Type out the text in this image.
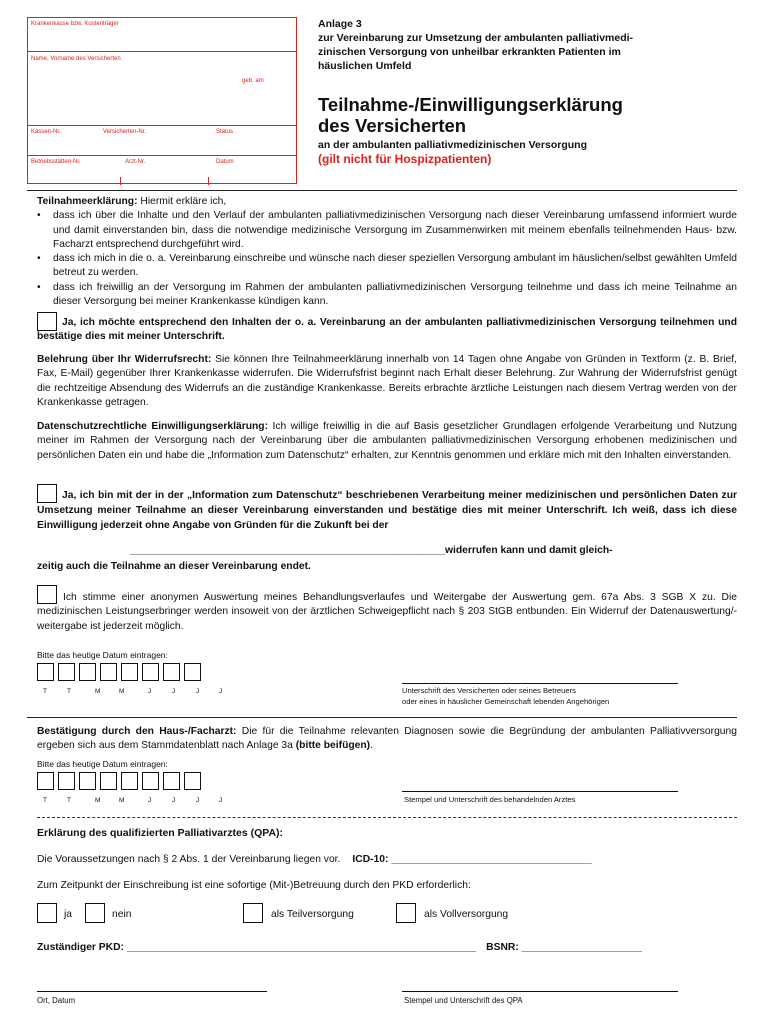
Krankenkasse bzw. Kostenträger
Name, Vorname des Versicherten
geb. am
Kassen-Nr.	Versicherten-Nr.	Status
Betriebsstätten-Nr.	Arzt-Nr.	Datum
Anlage 3
zur Vereinbarung zur Umsetzung der ambulanten palliativmedi-
zinischen Versorgung von unheilbar erkrankten Patienten im
häuslichen Umfeld
Teilnahme-/Einwilligungserklärung
des Versicherten
an der ambulanten palliativmedizinischen Versorgung
(gilt nicht für Hospizpatienten)
Teilnahmeerklärung: Hiermit erkläre ich,
• dass ich über die Inhalte und den Verlauf der ambulanten palliativmedizinischen Versorgung nach dieser Vereinbarung umfassend informiert wurde und damit einverstanden bin, dass die notwendige medizinische Versorgung im Zusammenwirken mit meinem ebenfalls teilnehmenden Haus- bzw. Facharzt entsprechend durchgeführt wird.
• dass ich mich in die o. a. Vereinbarung einschreibe und wünsche nach dieser speziellen Versorgung ambulant im häuslichen/selbst gewählten Umfeld betreut zu werden.
• dass ich freiwillig an der Versorgung im Rahmen der ambulanten palliativmedizinischen Versorgung teilnehme und dass ich meine Teilnahme an dieser Versorgung bei meiner Krankenkasse kündigen kann.
Ja, ich möchte entsprechend den Inhalten der o. a. Vereinbarung an der ambulanten palliativmedizinischen Versorgung teilnehmen und bestätige dies mit meiner Unterschrift.
Belehrung über Ihr Widerrufsrecht: Sie können Ihre Teilnahmeerklärung innerhalb von 14 Tagen ohne Angabe von Gründen in Textform (z. B. Brief, Fax, E-Mail) gegenüber Ihrer Krankenkasse widerrufen. Die Widerrufsfrist beginnt nach Erhalt dieser Belehrung. Zur Wahrung der Widerrufsfrist genügt die rechtzeitige Absendung des Widerrufs an die zuständige Krankenkasse. Bereits erbrachte ärztliche Leistungen nach diesem Vertrag werden von der Krankenkasse getragen.
Datenschutzrechtliche Einwilligungserklärung: Ich willige freiwillig in die auf Basis gesetzlicher Grundlagen erfolgende Verarbeitung und Nutzung meiner im Rahmen der Versorgung nach der Vereinbarung über die ambulanten palliativmedizinischen Versorgung erhobenen medizinischen und persönlichen Daten ein und habe die „Information zum Datenschutz“ erhalten, zur Kenntnis genommen und erkläre mich mit den Inhalten einverstanden.
Ja, ich bin mit der in der „Information zum Datenschutz“ beschriebenen Verarbeitung meiner medizinischen und persönlichen Daten zur Umsetzung meiner Teilnahme an dieser Vereinbarung einverstanden und bestätige dies mit meiner Unterschrift. Ich weiß, dass ich diese Einwilligung jederzeit ohne Angabe von Gründen für die Zukunft bei der
_______________________________________________________widerrufen kann und damit gleich-
zeitig auch die Teilnahme an dieser Vereinbarung endet.
Ich stimme einer anonymen Auswertung meines Behandlungsverlaufes und Weitergabe der Auswertung gem. 67a Abs. 3 SGB X zu. Die medizinischen Leistungserbringer werden insoweit von der ärztlichen Schweigepflicht nach § 203 StGB entbunden. Ein Widerruf der Datenauswertung/-weitergabe ist jederzeit möglich.
Bitte das heutige Datum eintragen:
T	T	M	M	J	J	J	J	Unterschrift des Versicherten oder seines Betreuers
oder eines in häuslicher Gemeinschaft lebenden Angehörigen
Bestätigung durch den Haus-/Facharzt: Die für die Teilnahme relevanten Diagnosen sowie die Begründung der ambulanten Palliativversorgung ergeben sich aus dem Stammdatenblatt nach Anlage 3a (bitte beifügen).
Bitte das heutige Datum eintragen:
T	T	M	M	J	J	J	J	Stempel und Unterschrift des behandelnden Arztes
Erklärung des qualifizierten Palliativarztes (QPA):
Die Voraussetzungen nach § 2 Abs. 1 der Vereinbarung liegen vor. ICD-10: ___________________________________
Zum Zeitpunkt der Einschreibung ist eine sofortige (Mit-)Betreuung durch den PKD erforderlich:
ja	nein	als Teilversorgung	als Vollversorgung
Zuständiger PKD: _____________________________________________________________ BSNR: _____________________
Ort, Datum	Stempel und Unterschrift des QPA
